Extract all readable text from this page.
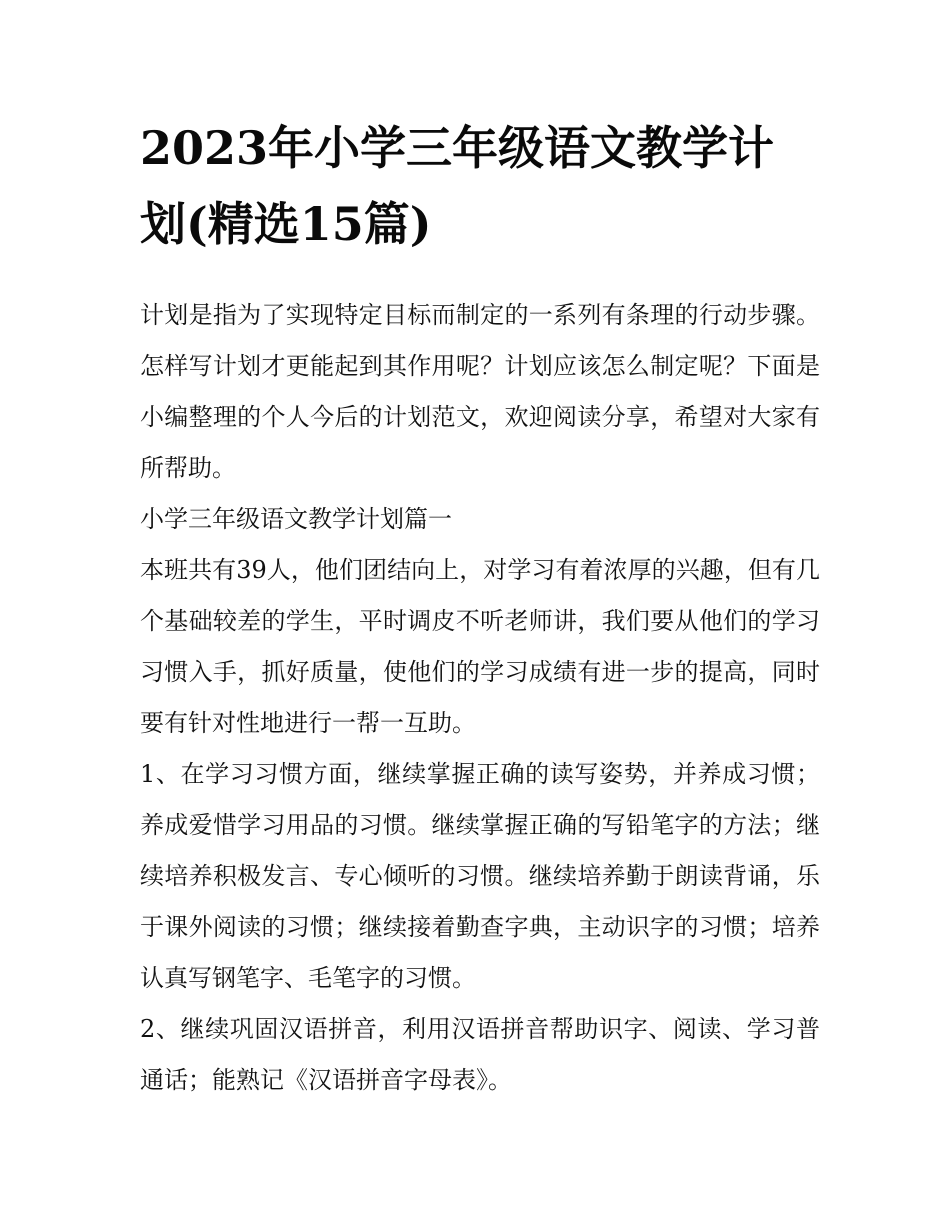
2023年小学三年级语文教学计划(精选15篇)

计划是指为了实现特定目标而制定的一系列有条理的行动步骤。怎样写计划才更能起到其作用呢？计划应该怎么制定呢？下面是小编整理的个人今后的计划范文，欢迎阅读分享，希望对大家有所帮助。

小学三年级语文教学计划篇一

本班共有39人，他们团结向上，对学习有着浓厚的兴趣，但有几个基础较差的学生，平时调皮不听老师讲，我们要从他们的学习习惯入手，抓好质量，使他们的学习成绩有进一步的提高，同时要有针对性地进行一帮一互助。

1、在学习习惯方面，继续掌握正确的读写姿势，并养成习惯；养成爱惜学习用品的习惯。继续掌握正确的写铅笔字的方法；继续培养积极发言、专心倾听的习惯。继续培养勤于朗读背诵，乐于课外阅读的习惯；继续接着勤查字典，主动识字的习惯；培养认真写钢笔字、毛笔字的习惯。

2、继续巩固汉语拼音，利用汉语拼音帮助识字、阅读、学习普通话；能熟记《汉语拼音字母表》。
